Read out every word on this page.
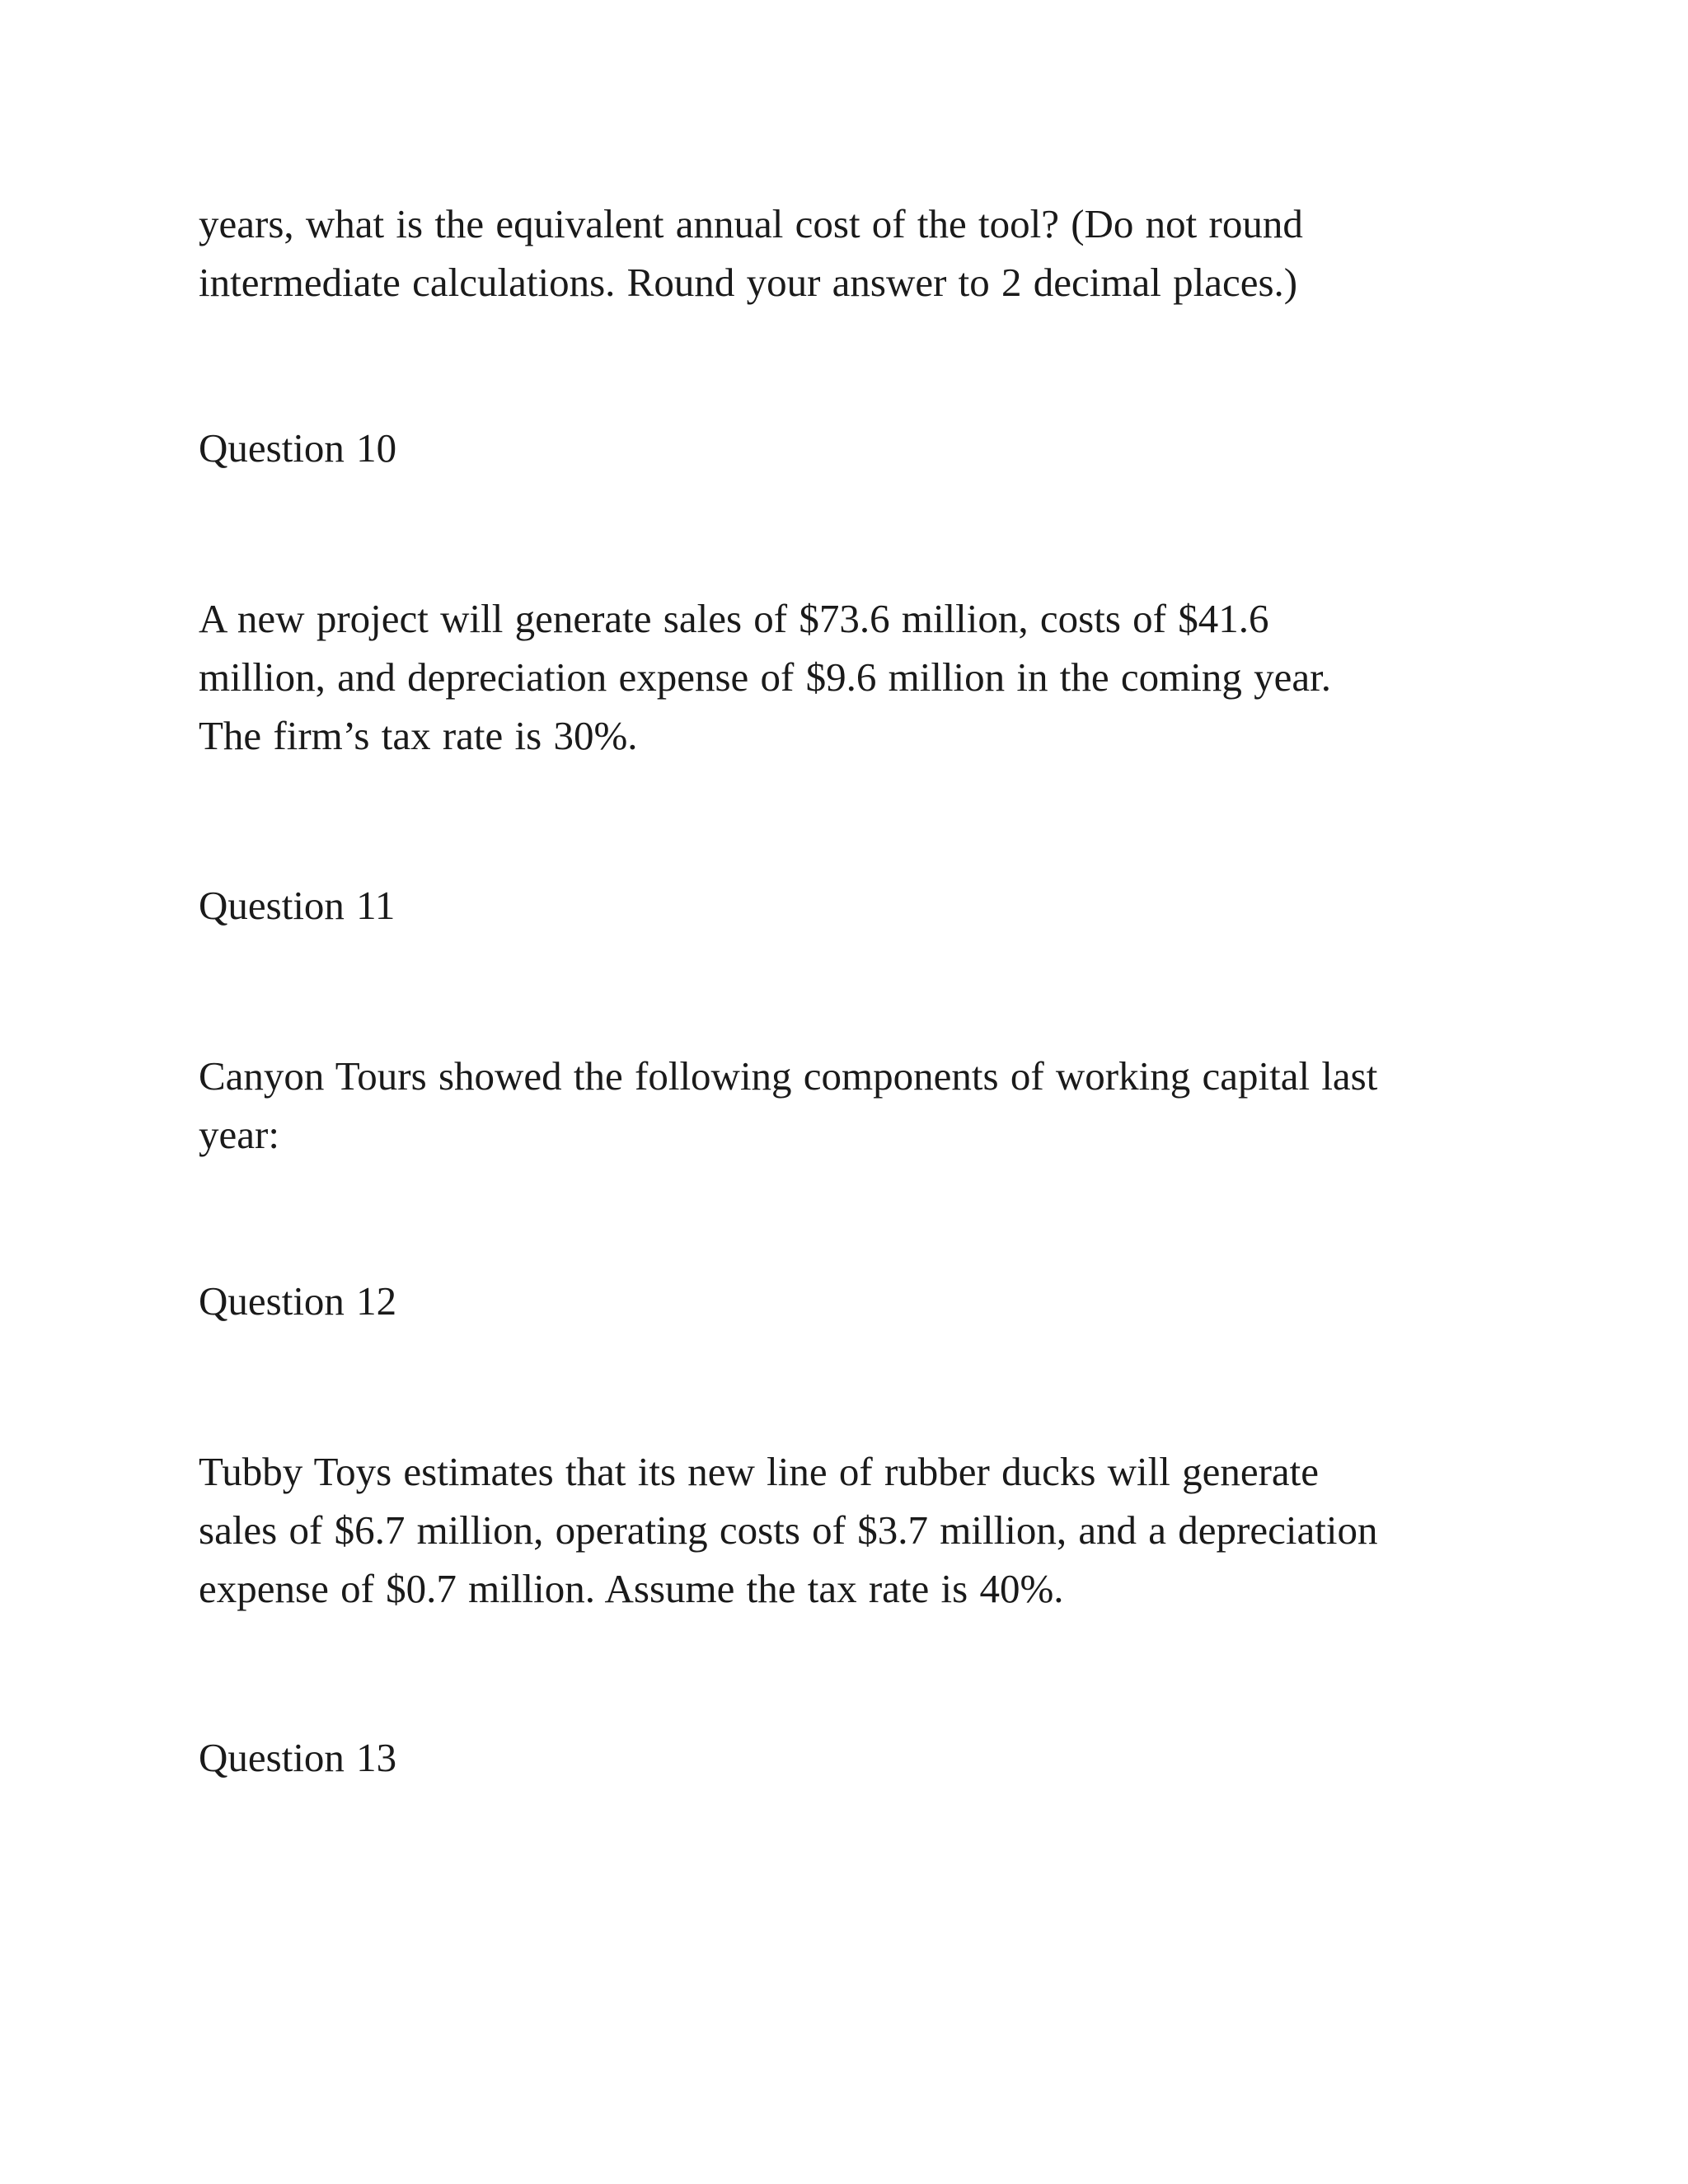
years, what is the equivalent annual cost of the tool? (Do not round
intermediate calculations. Round your answer to 2 decimal places.)

Question 10

A new project will generate sales of $73.6 million, costs of $41.6
million, and depreciation expense of $9.6 million in the coming year.
The firm’s tax rate is 30%.

Question 11

Canyon Tours showed the following components of working capital last
year:

Question 12

Tubby Toys estimates that its new line of rubber ducks will generate
sales of $6.7 million, operating costs of $3.7 million, and a depreciation
expense of $0.7 million. Assume the tax rate is 40%.

Question 13
